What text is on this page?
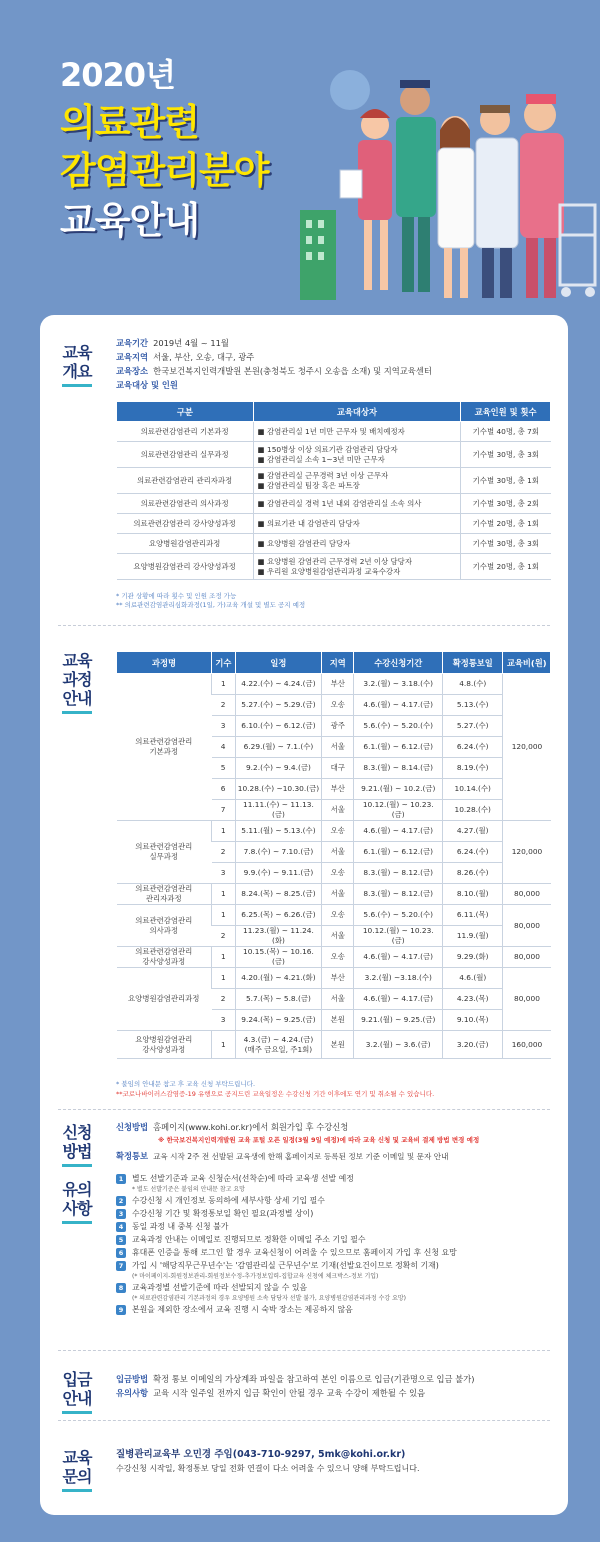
2020년
의료관련
감염관리분야
교육안내
교육
개요
교육기간 2019년 4월 ~ 11월
교육지역 서울, 부산, 오송, 대구, 광주
교육장소 한국보건복지인력개발원 본원(충청북도 청주시 오송읍 소재) 및 지역교육센터
교육대상 및 인원
구분	교육대상자	교육인원 및 횟수
의료관련감염관리 기본과정	■ 감염관리실 1년 미만 근무자 및 배치예정자	기수별 40명, 총 7회
의료관련감염관리 실무과정	■ 150병상 이상 의료기관 감염관리 담당자
■ 감염관리실 소속 1~3년 미만 근무자	기수별 30명, 총 3회
의료관련감염관리 관리자과정	■ 감염관리실 근무경력 3년 이상 근무자
■ 감염관리실 팀장 혹은 파트장	기수별 30명, 총 1회
의료관련감염관리 의사과정	■ 감염관리실 경력 1년 내외 감염관리실 소속 의사	기수별 30명, 총 2회
의료관련감염관리 강사양성과정	■ 의료기관 내 감염관리 담당자	기수별 20명, 총 1회
요양병원감염관리과정	■ 요양병원 감염관리 담당자	기수별 30명, 총 3회
요양병원감염관리 강사양성과정	■ 요양병원 감염관리 근무경력 2년 이상 담당자
■ 우리원 요양병원감염관리과정 교육수강자	기수별 20명, 총 1회
* 기관 상황에 따라 횟수 및 인원 조정 가능
** 의료관련감염관리심화과정(1일, 가)교육 개설 및 별도 공지 예정
교육
과정
안내
과정명	기수	일정	지역	수강신청기간	확정통보일	교육비(원)
의료관련감염관리
기본과정	1	4.22.(수) ~ 4.24.(금)	부산	3.2.(월) ~ 3.18.(수)	4.8.(수)	120,000
	2	5.27.(수) ~ 5.29.(금)	오송	4.6.(월) ~ 4.17.(금)	5.13.(수)	
	3	6.10.(수) ~ 6.12.(금)	광주	5.6.(수) ~ 5.20.(수)	5.27.(수)	
	4	6.29.(월) ~ 7.1.(수)	서울	6.1.(월) ~ 6.12.(금)	6.24.(수)	
	5	9.2.(수) ~ 9.4.(금)	대구	8.3.(월) ~ 8.14.(금)	8.19.(수)	
	6	10.28.(수) ~10.30.(금)	부산	9.21.(월) ~ 10.2.(금)	10.14.(수)	
	7	11.11.(수) ~ 11.13.(금)	서울	10.12.(월) ~ 10.23.(금)	10.28.(수)	
의료관련감염관리
실무과정	1	5.11.(월) ~ 5.13.(수)	오송	4.6.(월) ~ 4.17.(금)	4.27.(월)	120,000
	2	7.8.(수) ~ 7.10.(금)	서울	6.1.(월) ~ 6.12.(금)	6.24.(수)	
	3	9.9.(수) ~ 9.11.(금)	오송	8.3.(월) ~ 8.12.(금)	8.26.(수)	
의료관련감염관리
관리자과정	1	8.24.(목) ~ 8.25.(금)	서울	8.3.(월) ~ 8.12.(금)	8.10.(월)	80,000
의료관련감염관리
의사과정	1	6.25.(목) ~ 6.26.(금)	오송	5.6.(수) ~ 5.20.(수)	6.11.(목)	80,000
	2	11.23.(월) ~ 11.24.(화)	서울	10.12.(월) ~ 10.23.(금)	11.9.(월)	
의료관련감염관리
강사양성과정	1	10.15.(목) ~ 10.16.(금)	오송	4.6.(월) ~ 4.17.(금)	9.29.(화)	80,000
요양병원감염관리과정	1	4.20.(월) ~ 4.21.(화)	부산	3.2.(월) ~3.18.(수)	4.6.(월)	80,000
	2	5.7.(목) ~ 5.8.(금)	서울	4.6.(월) ~ 4.17.(금)	4.23.(목)	
	3	9.24.(목) ~ 9.25.(금)	본원	9.21.(월) ~ 9.25.(금)	9.10.(목)	
요양병원감염관리
강사양성과정	1	4.3.(금) ~ 4.24.(금)
(매주 금요일, 주1회)	본원	3.2.(월) ~ 3.6.(금)	3.20.(금)	160,000
* 불임의 안내문 참고 후 교육 신청 부탁드립니다.
**코로나바이러스감염증-19 유행으로 공지드린 교육일정은 수강신청 기간 이후에도 연기 및 취소될 수 있습니다.
신청
방법
신청방법 홈페이지(www.kohi.or.kr)에서 회원가입 후 수강신청
※ 한국보건복지인력개발원 교육 포털 오픈 일정(3월 9일 예정)에 따라 교육 신청 및 교육비 결제 방법 변경 예정
확정통보 교육 시작 2주 전 선발된 교육생에 한해 홈페이지로 등록된 정보 기준 이메일 및 문자 안내
유의
사항
1	별도 선발기준과 교육 신청순서(선착순)에 따라 교육생 선발 예정
* 별도 선발기준은 붙임의 안내문 참고 요망
2	수강신청 시 개인정보 동의하에 세부사항 상세 기입 필수
3	수강신청 기간 및 확정통보일 확인 필요(과정별 상이)
4	동일 과정 내 중복 신청 불가
5	교육과정 안내는 이메일로 진행되므로 정확한 이메일 주소 기입 필수
6	휴대폰 인증을 통해 로그인 할 경우 교육신청이 어려울 수 있으므로 홈페이지 가입 후 신청 요망
7	가입 시 '해당직무근무년수'는 '감염관리실 근무년수'로 기재(선발요건이므로 정확히 기재)
(* 마이페이지-회원정보관리-회원정보수정-추가정보입력-집합교육 신청에 체크박스-정보 기입)
8	교육과정별 선발기준에 따라 선발되지 않을 수 있음
(* 의료관련감염관리 기본과정의 경우 요양병원 소속 담당자 선발 불가, 요양병원감염관리과정 수강 요망)
9	본원을 제외한 장소에서 교육 진행 시 숙박 장소는 제공하지 않음
입금
안내
입금방법 확정 통보 이메일의 가상계좌 파일을 참고하여 본인 이름으로 입금(기관명으로 입금 불가)
유의사항 교육 시작 일주일 전까지 입금 확인이 안될 경우 교육 수강이 제한될 수 있음
교육
문의
질병관리교육부 오민경 주임(043-710-9297, 5mk@kohi.or.kr)
수강신청 시작일, 확정통보 당일 전화 연결이 다소 어려울 수 있으니 양해 부탁드립니다.
